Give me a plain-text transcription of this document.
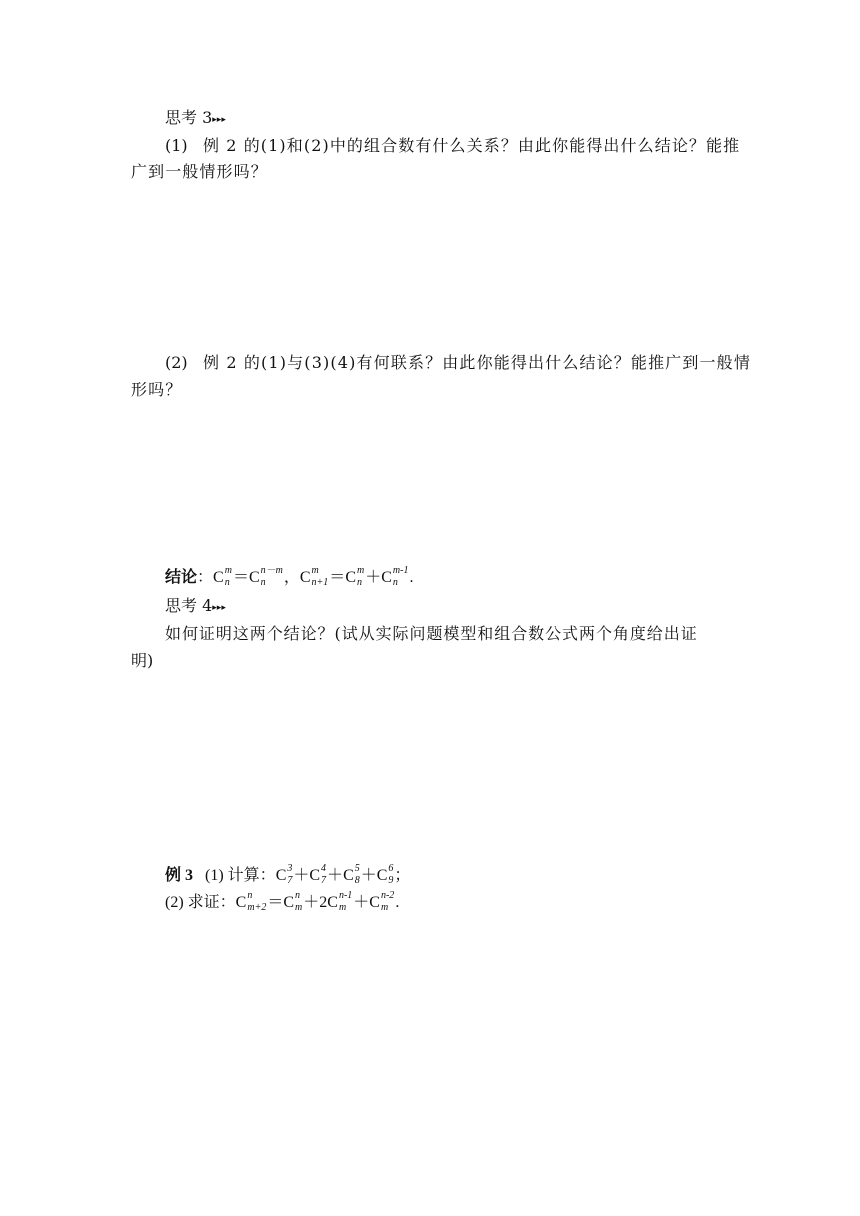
思考 3▸▸▸
(1) 例 2 的(1)和(2)中的组合数有什么关系？由此你能得出什么结论？能推
广到一般情形吗？
(2) 例 2 的(1)与(3)(4)有何联系？由此你能得出什么结论？能推广到一般情
形吗？
结论：C m
n ＝C n－m
n	，C m
n+1 ＝C m
n ＋C m-1
n .
思考 4▸▸▸
如何证明这两个结论？(试从实际问题模型和组合数公式两个角度给出证
明)
例 3 (1) 计算：C 3
7 ＋C 4
7 ＋C 5
8 ＋C 6
9 ；
(2) 求证：C n
m+2 ＝C n
m ＋2C n-1
m ＋C n-2
m .
